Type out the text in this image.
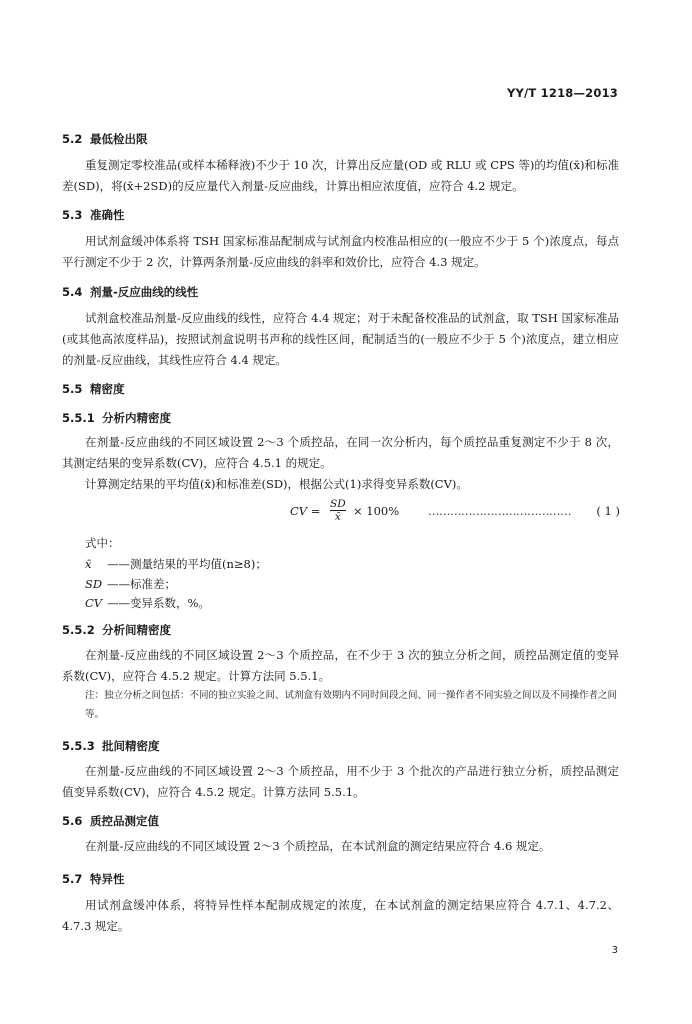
YY/T 1218—2013
5.2 最低检出限
重复测定零校准品(或样本稀释液)不少于 10 次，计算出反应量(OD 或 RLU 或 CPS 等)的均值(x̄)和标准差(SD)，将(x̄+2SD)的反应量代入剂量-反应曲线，计算出相应浓度值，应符合 4.2 规定。
5.3 准确性
用试剂盒缓冲体系将 TSH 国家标准品配制成与试剂盒内校准品相应的(一般应不少于 5 个)浓度点，每点平行测定不少于 2 次，计算两条剂量-反应曲线的斜率和效价比，应符合 4.3 规定。
5.4 剂量-反应曲线的线性
试剂盒校准品剂量-反应曲线的线性，应符合 4.4 规定；对于未配备校准品的试剂盒，取 TSH 国家标准品(或其他高浓度样品)，按照试剂盒说明书声称的线性区间，配制适当的(一般应不少于 5 个)浓度点，建立相应的剂量-反应曲线，其线性应符合 4.4 规定。
5.5 精密度
5.5.1 分析内精密度
在剂量-反应曲线的不同区域设置 2～3 个质控品，在同一次分析内，每个质控品重复测定不少于 8 次，其测定结果的变异系数(CV)，应符合 4.5.1 的规定。
计算测定结果的平均值(x̄)和标准差(SD)，根据公式(1)求得变异系数(CV)。
CV = $\frac{SD}{x̄} \times 100\%$	………………………………… ( 1 )
式中：
x̄ ——测量结果的平均值(n≥8)；
SD ——标准差；
CV ——变异系数，%。
5.5.2 分析间精密度
在剂量-反应曲线的不同区域设置 2～3 个质控品，在不少于 3 次的独立分析之间，质控品测定值的变异系数(CV)，应符合 4.5.2 规定。计算方法同 5.5.1。
注：独立分析之间包括：不同的独立实验之间、试剂盒有效期内不同时间段之间、同一操作者不同实验之间以及不同操作者之间等。
5.5.3 批间精密度
在剂量-反应曲线的不同区域设置 2～3 个质控品，用不少于 3 个批次的产品进行独立分析，质控品测定值变异系数(CV)，应符合 4.5.2 规定。计算方法同 5.5.1。
5.6 质控品测定值
在剂量-反应曲线的不同区域设置 2～3 个质控品，在本试剂盒的测定结果应符合 4.6 规定。
5.7 特异性
用试剂盒缓冲体系，将特异性样本配制成规定的浓度，在本试剂盒的测定结果应符合 4.7.1、4.7.2、4.7.3 规定。
3
